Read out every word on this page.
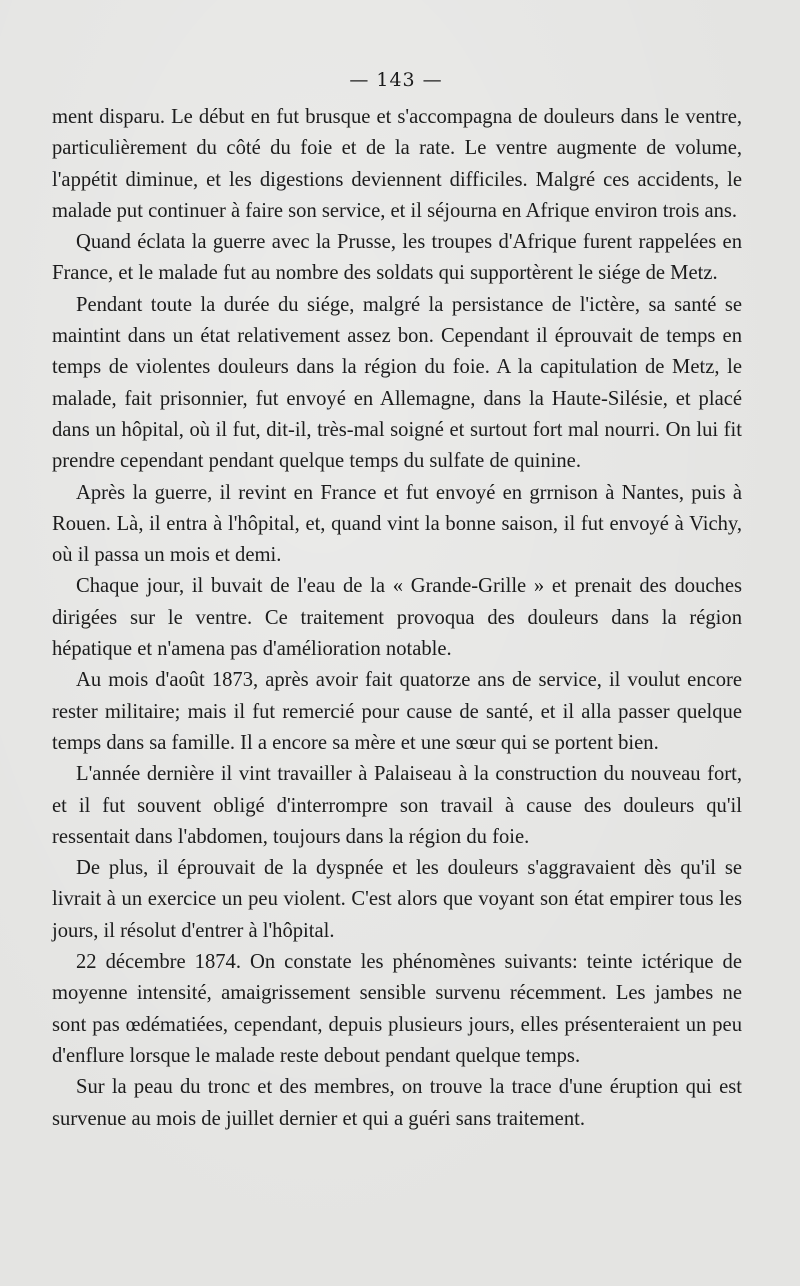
— 143 —

ment disparu. Le début en fut brusque et s'accompagna de douleurs dans le ventre, particulièrement du côté du foie et de la rate. Le ventre augmente de volume, l'appétit diminue, et les digestions deviennent difficiles. Malgré ces accidents, le malade put continuer à faire son service, et il séjourna en Afrique environ trois ans.

Quand éclata la guerre avec la Prusse, les troupes d'Afrique furent rappelées en France, et le malade fut au nombre des soldats qui supportèrent le siége de Metz.

Pendant toute la durée du siége, malgré la persistance de l'ictère, sa santé se maintint dans un état relativement assez bon. Cependant il éprouvait de temps en temps de violentes douleurs dans la région du foie. A la capitulation de Metz, le malade, fait prisonnier, fut envoyé en Allemagne, dans la Haute-Silésie, et placé dans un hôpital, où il fut, dit-il, très-mal soigné et surtout fort mal nourri. On lui fit prendre cependant pendant quelque temps du sulfate de quinine.

Après la guerre, il revint en France et fut envoyé en grrnison à Nantes, puis à Rouen. Là, il entra à l'hôpital, et, quand vint la bonne saison, il fut envoyé à Vichy, où il passa un mois et demi.

Chaque jour, il buvait de l'eau de la « Grande-Grille » et prenait des douches dirigées sur le ventre. Ce traitement provoqua des douleurs dans la région hépatique et n'amena pas d'amélioration notable.

Au mois d'août 1873, après avoir fait quatorze ans de service, il voulut encore rester militaire; mais il fut remercié pour cause de santé, et il alla passer quelque temps dans sa famille. Il a encore sa mère et une sœur qui se portent bien.

L'année dernière il vint travailler à Palaiseau à la construction du nouveau fort, et il fut souvent obligé d'interrompre son travail à cause des douleurs qu'il ressentait dans l'abdomen, toujours dans la région du foie.

De plus, il éprouvait de la dyspnée et les douleurs s'aggravaient dès qu'il se livrait à un exercice un peu violent. C'est alors que voyant son état empirer tous les jours, il résolut d'entrer à l'hôpital.

22 décembre 1874. On constate les phénomènes suivants: teinte ictérique de moyenne intensité, amaigrissement sensible survenu récemment. Les jambes ne sont pas œdématiées, cependant, depuis plusieurs jours, elles présenteraient un peu d'enflure lorsque le malade reste debout pendant quelque temps.

Sur la peau du tronc et des membres, on trouve la trace d'une éruption qui est survenue au mois de juillet dernier et qui a guéri sans traitement.
